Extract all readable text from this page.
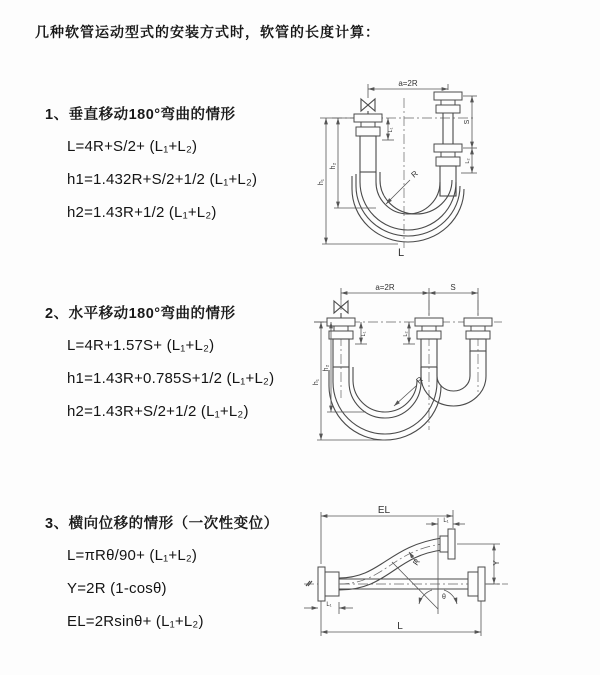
几种软管运动型式的安装方式时，软管的长度计算：
1、垂直移动180°弯曲的情形
L=4R+S/2+ (L₁+L₂)
h1=1.432R+S/2+1/2 (L₁+L₂)
h2=1.43R+1/2 (L₁+L₂)
2、水平移动180°弯曲的情形
L=4R+1.57S+ (L₁+L₂)
h1=1.43R+0.785S+1/2 (L₁+L₂)
h2=1.43R+S/2+1/2 (L₁+L₂)
3、横向位移的情形（一次性变位）
L=πRθ/90+ (L₁+L₂)
Y=2R (1-cosθ)
EL=2Rsinθ+ (L₁+L₂)
a=2R
h₁
h₂
L₁
S
L₂
R
L
a=2R	S
h₁
h₂
L₁	L₂
R
θ
R
EL
L₁
Y
L₁
L
